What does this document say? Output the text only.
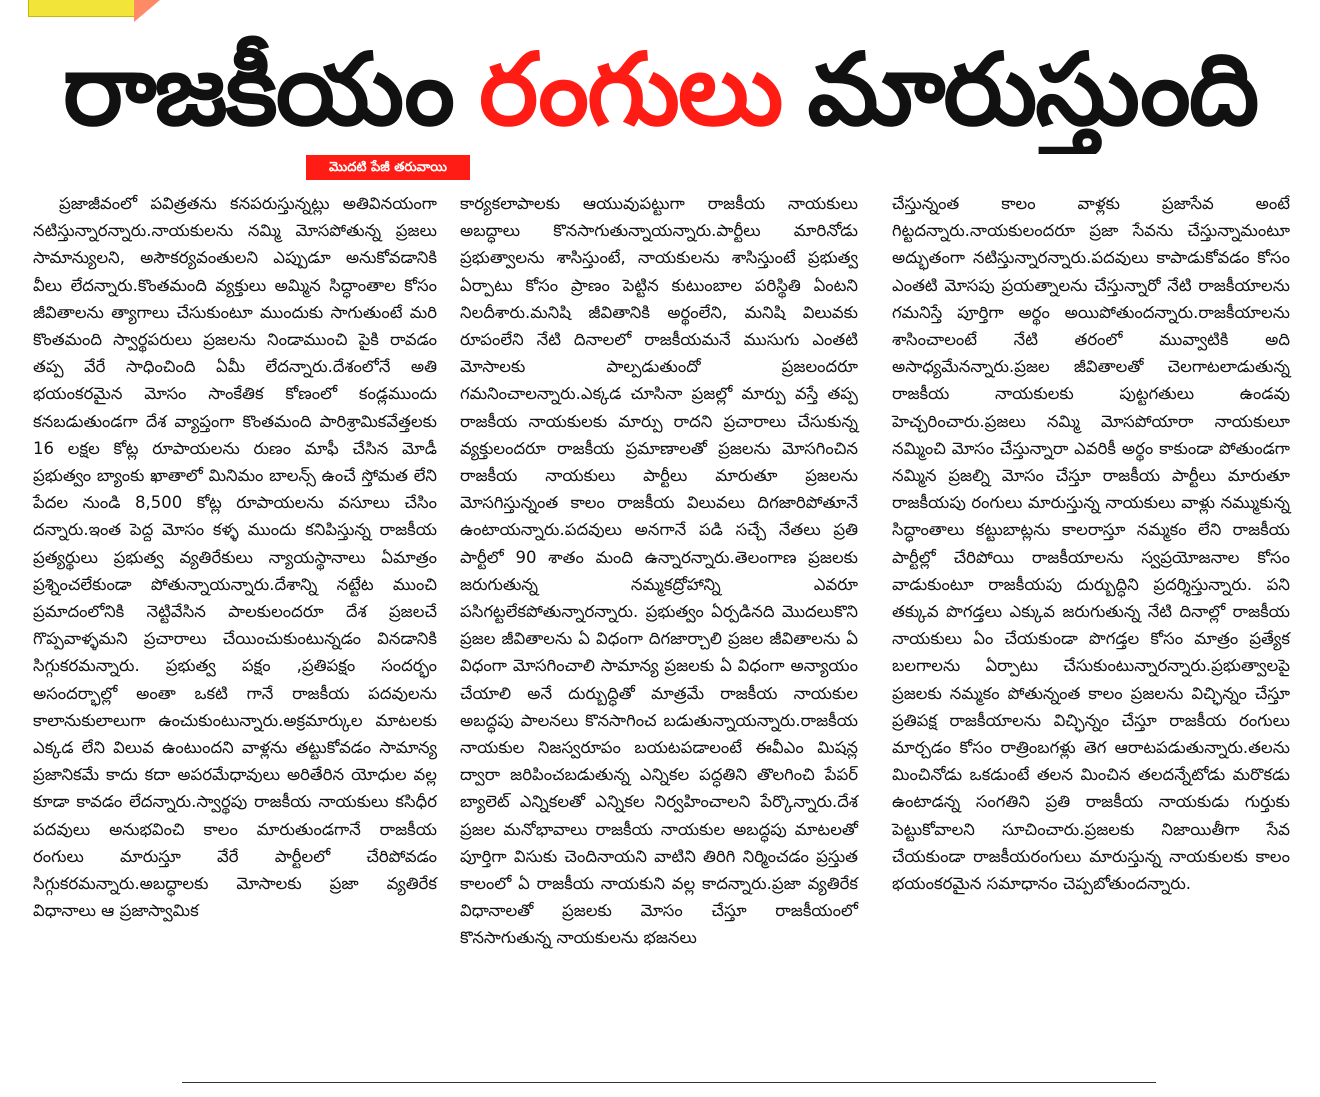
రాజకీయం రంగులు మారుస్తుంది
మొదటి పేజీ తరువాయి

ప్రజాజీవంలో పవిత్రతను కనపరుస్తున్నట్లు అతివినయంగా నటిస్తున్నారన్నారు.నాయకులను నమ్మి మోసపోతున్న ప్రజలు సామాన్యులని, అసౌకర్యవంతులని ఎప్పుడూ అనుకోవడానికి వీలు లేదన్నారు.కొంతమంది వ్యక్తులు అమ్మిన సిద్ధాంతాల కోసం జీవితాలను త్యాగాలు చేసుకుంటూ ముందుకు సాగుతుంటే మరి కొంతమంది స్వార్థపరులు ప్రజలను నిండాముంచి పైకి రావడం తప్ప వేరే సాధించింది ఏమీ లేదన్నారు.దేశంలోనే అతి భయంకరమైన మోసం సాంకేతిక కోణంలో కండ్లముందు కనబడుతుండగా దేశ వ్యాప్తంగా కొంతమంది పారిశ్రామికవేత్తలకు 16 లక్షల కోట్ల రూపాయలను రుణం మాఫీ చేసిన మోడీ ప్రభుత్వం బ్యాంకు ఖాతాలో మినిమం బాలన్స్ ఉంచే స్తోమత లేని పేదల నుండి 8,500 కోట్ల రూపాయలను వసూలు చేసిం దన్నారు.ఇంత పెద్ద మోసం కళ్ళ ముందు కనిపిస్తున్న రాజకీయ ప్రత్యర్థులు ప్రభుత్వ వ్యతిరేకులు న్యాయస్థానాలు ఏమాత్రం ప్రశ్నించలేకుండా పోతున్నాయన్నారు.దేశాన్ని నట్టేట ముంచి ప్రమాదంలోనికి నెట్టివేసిన పాలకులందరూ దేశ ప్రజలచే గొప్పవాళ్ళమని ప్రచారాలు చేయించుకుంటున్నడం వినడానికి సిగ్గుకరమన్నారు. ప్రభుత్వ పక్షం ,ప్రతిపక్షం సందర్భం అసందర్భాల్లో అంతా ఒకటి గానే రాజకీయ పదవులను కాలానుకులాలుగా ఉంచుకుంటున్నారు.అక్రమార్కుల మాటలకు ఎక్కడ లేని విలువ ఉంటుందని వాళ్లను తట్టుకోవడం సామాన్య ప్రజానికమే కాదు కదా అపరమేధావులు అరితేరిన యోధుల వల్ల కూడా కావడం లేదన్నారు.స్వార్థపు రాజకీయ నాయకులు కసిధీర పదవులు అనుభవించి కాలం మారుతుండగానే రాజకీయ రంగులు మారుస్తూ వేరే పార్టీలలో చేరిపోవడం సిగ్గుకరమన్నారు.అబద్ధాలకు మోసాలకు ప్రజా వ్యతిరేక విధానాలు ఆ ప్రజాస్వామిక

కార్యకలాపాలకు ఆయువుపట్టుగా రాజకీయ నాయకులు అబద్ధాలు కొనసాగుతున్నాయన్నారు.పార్టీలు మారినోడు ప్రభుత్వాలను శాసిస్తుంటే, నాయకులను శాసిస్తుంటే ప్రభుత్వ ఏర్పాటు కోసం ప్రాణం పెట్టిన కుటుంబాల పరిస్థితి ఏంటని నిలదీశారు.మనిషి జీవితానికి అర్థంలేని, మనిషి విలువకు రూపంలేని నేటి దినాలలో రాజకీయమనే ముసుగు ఎంతటి మోసాలకు పాల్పడుతుందో ప్రజలందరూ గమనించాలన్నారు.ఎక్కడ చూసినా ప్రజల్లో మార్పు వస్తే తప్ప రాజకీయ నాయకులకు మార్పు రాదని ప్రచారాలు చేసుకున్న వ్యక్తులందరూ రాజకీయ ప్రమాణాలతో ప్రజలను మోసగించిన రాజకీయ నాయకులు పార్టీలు మారుతూ ప్రజలను మోసగిస్తున్నంత కాలం రాజకీయ విలువలు దిగజారిపోతూనే ఉంటాయన్నారు.పదవులు అనగానే పడి సచ్చే నేతలు ప్రతి పార్టీలో 90 శాతం మంది ఉన్నారన్నారు.తెలంగాణ ప్రజలకు జరుగుతున్న నమ్మకద్రోహాన్ని ఎవరూ పసిగట్టలేకపోతున్నారన్నారు. ప్రభుత్వం ఏర్పడినది మొదలుకొని ప్రజల జీవితాలను ఏ విధంగా దిగజార్చాలి ప్రజల జీవితాలను ఏ విధంగా మోసగించాలి సామాన్య ప్రజలకు ఏ విధంగా అన్యాయం చేయాలి అనే దుర్బుద్ధితో మాత్రమే రాజకీయ నాయకుల అబద్ధపు పాలనలు కొనసాగించ బడుతున్నాయన్నారు.రాజకీయ నాయకుల నిజస్వరూపం బయటపడాలంటే ఈవీఎం మిషన్ల ద్వారా జరిపించబడుతున్న ఎన్నికల పద్ధతిని తొలగించి పేపర్ బ్యాలెట్ ఎన్నికలతో ఎన్నికల నిర్వహించాలని పేర్కొన్నారు.దేశ ప్రజల మనోభావాలు రాజకీయ నాయకుల అబద్ధపు మాటలతో పూర్తిగా విసుకు చెందినాయని వాటిని తిరిగి నిర్మించడం ప్రస్తుత కాలంలో ఏ రాజకీయ నాయకుని వల్ల కాదన్నారు.ప్రజా వ్యతిరేక విధానాలతో ప్రజలకు మోసం చేస్తూ రాజకీయంలో కొనసాగుతున్న నాయకులను భజనలు

చేస్తున్నంత కాలం వాళ్లకు ప్రజాసేవ అంటే గిట్టదన్నారు.నాయకులందరూ ప్రజా సేవను చేస్తున్నామంటూ అద్భుతంగా నటిస్తున్నారన్నారు.పదవులు కాపాడుకోవడం కోసం ఎంతటి మోసపు ప్రయత్నాలను చేస్తున్నారో నేటి రాజకీయాలను గమనిస్తే పూర్తిగా అర్థం అయిపోతుందన్నారు.రాజకీయాలను శాసించాలంటే నేటి తరంలో మువ్వాటికి అది అసాధ్యమేనన్నారు.ప్రజల జీవితాలతో చెలగాటలాడుతున్న రాజకీయ నాయకులకు పుట్టగతులు ఉండవు హెచ్చరించారు.ప్రజలు నమ్మి మోసపోయారా నాయకులూ నమ్మించి మోసం చేస్తున్నారా ఎవరికీ అర్థం కాకుండా పోతుండగా నమ్మిన ప్రజల్ని మోసం చేస్తూ రాజకీయ పార్టీలు మారుతూ రాజకీయపు రంగులు మారుస్తున్న నాయకులు వాళ్లు నమ్ముకున్న సిద్ధాంతాలు కట్టుబాట్లను కాలరాస్తూ నమ్మకం లేని రాజకీయ పార్టీల్లో చేరిపోయి రాజకీయాలను స్వప్రయోజనాల కోసం వాడుకుంటూ రాజకీయపు దుర్బుద్ధిని ప్రదర్శిస్తున్నారు. పని తక్కువ పొగడ్తలు ఎక్కువ జరుగుతున్న నేటి దినాల్లో రాజకీయ నాయకులు ఏం చేయకుండా పొగడ్తల కోసం మాత్రం ప్రత్యేక బలగాలను ఏర్పాటు చేసుకుంటున్నారన్నారు.ప్రభుత్వాలపై ప్రజలకు నమ్మకం పోతున్నంత కాలం ప్రజలను విచ్ఛిన్నం చేస్తూ ప్రతిపక్ష రాజకీయాలను విచ్ఛిన్నం చేస్తూ రాజకీయ రంగులు మార్చడం కోసం రాత్రింబగళ్లు తెగ ఆరాటపడుతున్నారు.తలను మించినోడు ఒకడుంటే తలన మించిన తలదన్నేటోడు మరొకడు ఉంటాడన్న సంగతిని ప్రతి రాజకీయ నాయకుడు గుర్తుకు పెట్టుకోవాలని సూచించారు.ప్రజలకు నిజాయితీగా సేవ చేయకుండా రాజకీయరంగులు మారుస్తున్న నాయకులకు కాలం భయంకరమైన సమాధానం చెప్పబోతుందన్నారు.
